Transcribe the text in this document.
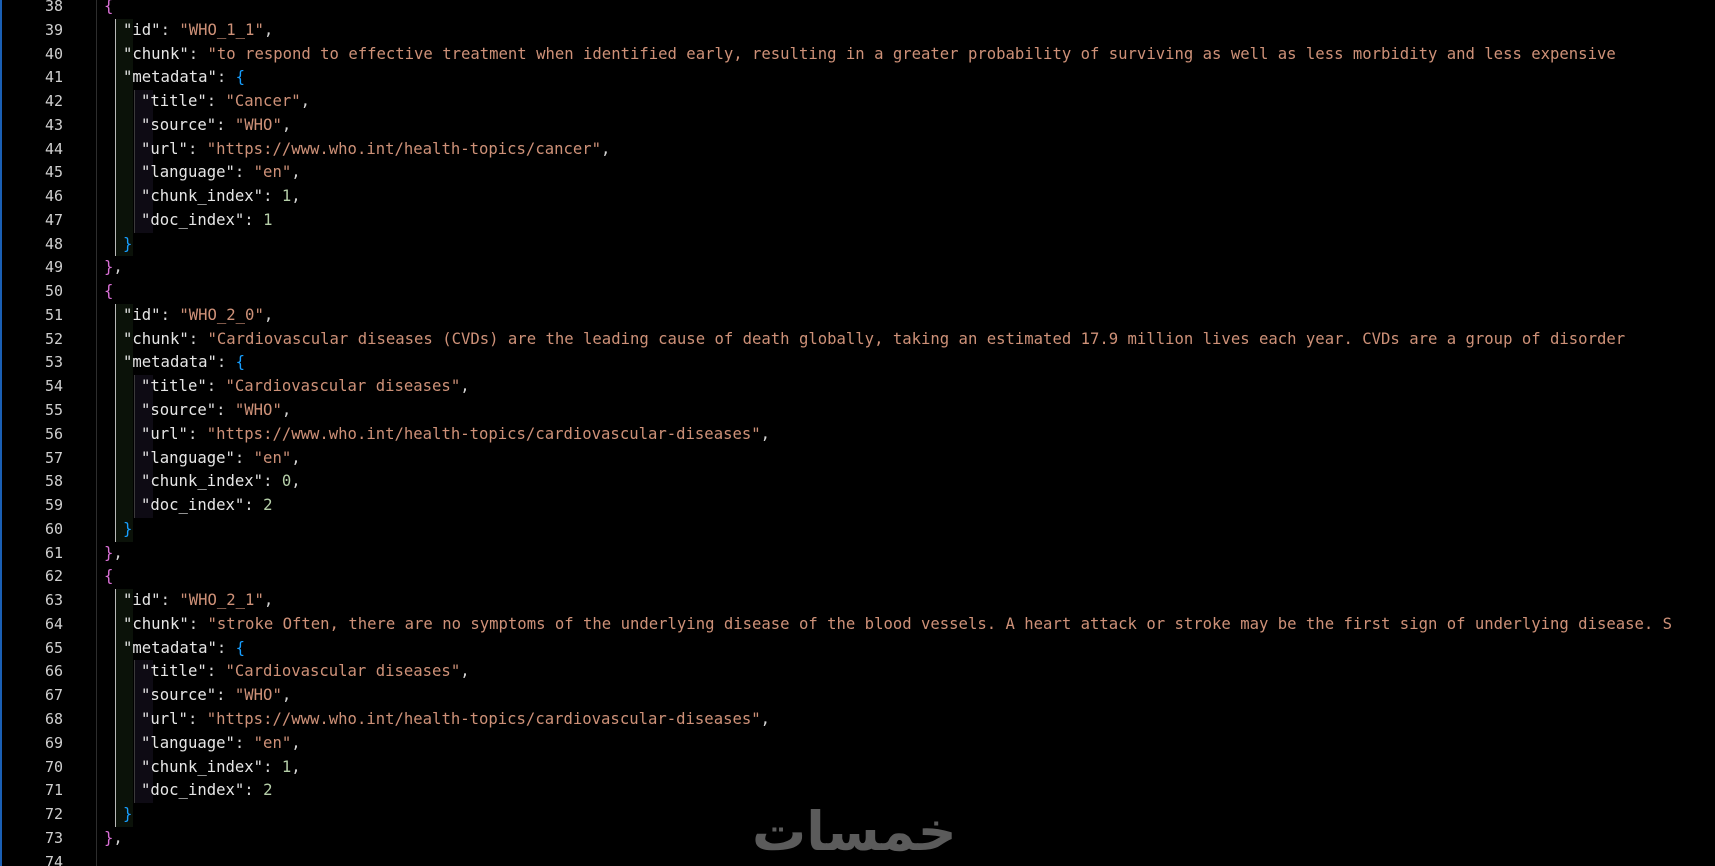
38
39
40
41
42
43
44
45
46
47
48
49
50
51
52
53
54
55
56
57
58
59
60
61
62
63
64
65
66
67
68
69
70
71
72
73
74
{
"id": "WHO_1_1",
"chunk": "to respond to effective treatment when identified early, resulting in a greater probability of surviving as well as less morbidity and less expensive
"metadata": {
"title": "Cancer",
"source": "WHO",
"url": "https://www.who.int/health-topics/cancer",
"language": "en",
"chunk_index": 1,
"doc_index": 1
}
},
{
"id": "WHO_2_0",
"chunk": "Cardiovascular diseases (CVDs) are the leading cause of death globally, taking an estimated 17.9 million lives each year. CVDs are a group of disorder
"metadata": {
"title": "Cardiovascular diseases",
"source": "WHO",
"url": "https://www.who.int/health-topics/cardiovascular-diseases",
"language": "en",
"chunk_index": 0,
"doc_index": 2
}
},
{
"id": "WHO_2_1",
"chunk": "stroke Often, there are no symptoms of the underlying disease of the blood vessels. A heart attack or stroke may be the first sign of underlying disease. S
"metadata": {
"title": "Cardiovascular diseases",
"source": "WHO",
"url": "https://www.who.int/health-topics/cardiovascular-diseases",
"language": "en",
"chunk_index": 1,
"doc_index": 2
}
},	خمسات
